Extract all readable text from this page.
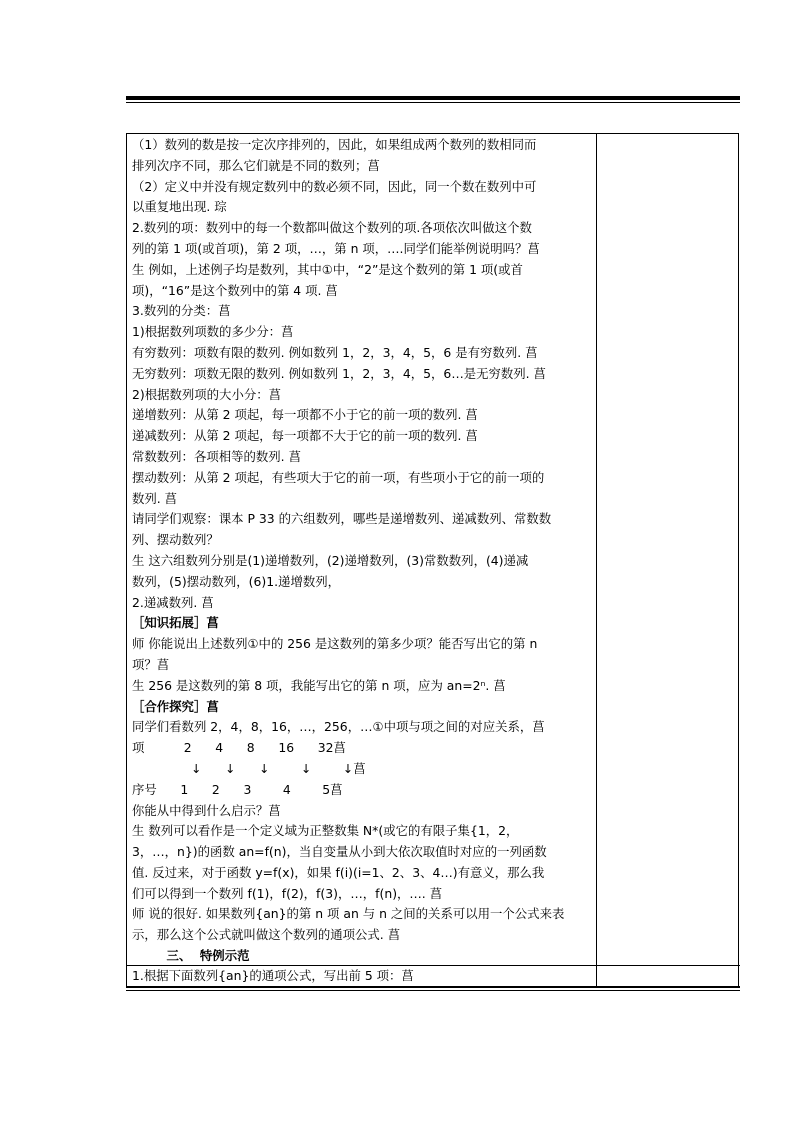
（1）数列的数是按一定次序排列的，因此，如果组成两个数列的数相同而
排列次序不同，那么它们就是不同的数列；菖
（2）定义中并没有规定数列中的数必须不同，因此，同一个数在数列中可
以重复地出现. 琮
2.数列的项：数列中的每一个数都叫做这个数列的项.各项依次叫做这个数
列的第 1 项(或首项)，第 2 项，…，第 n 项，….同学们能举例说明吗？菖
生 例如，上述例子均是数列，其中①中，“2”是这个数列的第 1 项(或首
项)，“16”是这个数列中的第 4 项. 菖
3.数列的分类：菖
1)根据数列项数的多少分：菖
有穷数列：项数有限的数列. 例如数列 1，2，3，4，5，6 是有穷数列. 菖
无穷数列：项数无限的数列. 例如数列 1，2，3，4，5，6…是无穷数列. 菖
2)根据数列项的大小分：菖
递增数列：从第 2 项起，每一项都不小于它的前一项的数列. 菖
递减数列：从第 2 项起，每一项都不大于它的前一项的数列. 菖
常数数列：各项相等的数列. 菖
摆动数列：从第 2 项起，有些项大于它的前一项，有些项小于它的前一项的
数列. 菖
请同学们观察：课本 P 33 的六组数列，哪些是递增数列、递减数列、常数数
列、摆动数列？
生 这六组数列分别是(1)递增数列，(2)递增数列，(3)常数数列，(4)递减
数列，(5)摆动数列，(6)1.递增数列，
2.递减数列. 菖
［知识拓展］菖
师 你能说出上述数列①中的 256 是这数列的第多少项？能否写出它的第 n
项？菖
生 256 是这数列的第 8 项，我能写出它的第 n 项，应为 an=2ⁿ. 菖
［合作探究］菖
同学们看数列 2，4，8，16，…，256，…①中项与项之间的对应关系，菖
项          2      4      8      16      32菖
↓      ↓      ↓        ↓        ↓菖
序号      1      2      3        4        5菖
你能从中得到什么启示？菖
生 数列可以看作是一个定义域为正整数集 N*(或它的有限子集{1，2，
3，…，n})的函数 an=f(n)，当自变量从小到大依次取值时对应的一列函数
值. 反过来，对于函数 y=f(x)，如果 f(i)(i=1、2、3、4…)有意义，那么我
们可以得到一个数列 f(1)，f(2)，f(3)，…，f(n)，…. 菖
师 说的很好. 如果数列{an}的第 n 项 an 与 n 之间的关系可以用一个公式来表
示，那么这个公式就叫做这个数列的通项公式. 菖
三、  特例示范
1.根据下面数列{an}的通项公式，写出前 5 项：菖
